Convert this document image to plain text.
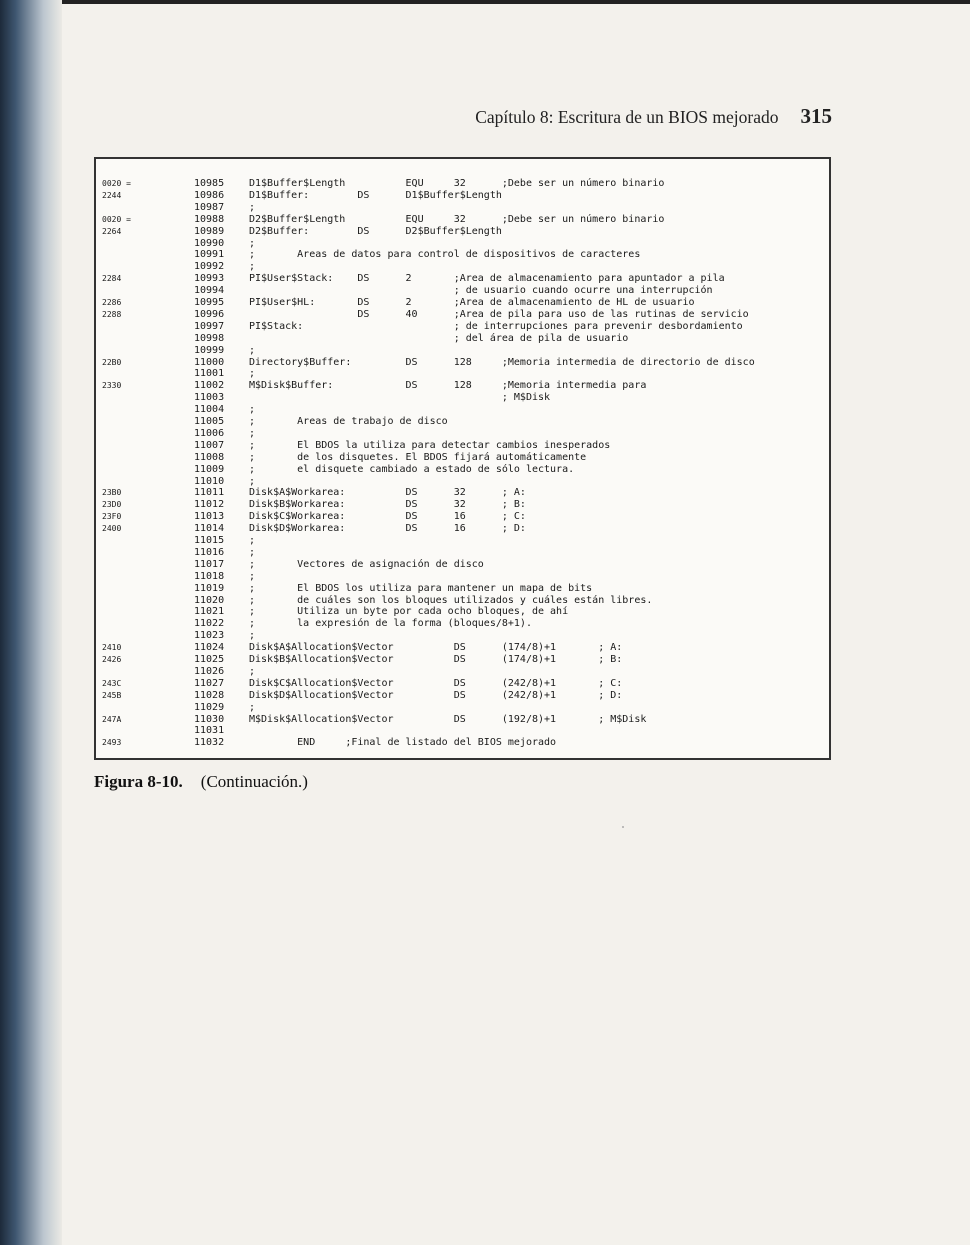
Capítulo 8: Escritura de un BIOS mejorado 315
0020 =	10985 D1$Buffer$Length          EQU     32      ;Debe ser un número binario
2244	10986 D1$Buffer:        DS      D1$Buffer$Length
10987 ;
0020 =	10988 D2$Buffer$Length          EQU     32      ;Debe ser un número binario
2264	10989 D2$Buffer:        DS      D2$Buffer$Length
10990 ;
10991 ;       Areas de datos para control de dispositivos de caracteres
10992 ;
2284	10993 PI$User$Stack:    DS      2       ;Area de almacenamiento para apuntador a pila
10994 ; de usuario cuando ocurre una interrupción
2286	10995 PI$User$HL:       DS      2       ;Area de almacenamiento de HL de usuario
2288	10996 DS      40      ;Area de pila para uso de las rutinas de servicio
10997 PI$Stack:                         ; de interrupciones para prevenir desbordamiento
10998 ; del área de pila de usuario
10999 ;
22B0	11000 Directory$Buffer:         DS      128     ;Memoria intermedia de directorio de disco
11001 ;
2330	11002 M$Disk$Buffer:            DS      128     ;Memoria intermedia para
11003 ; M$Disk
11004 ;
11005 ;       Areas de trabajo de disco
11006 ;
11007 ;       El BDOS la utiliza para detectar cambios inesperados
11008 ;       de los disquetes. El BDOS fijará automáticamente
11009 ;       el disquete cambiado a estado de sólo lectura.
11010 ;
23B0	11011 Disk$A$Workarea:          DS      32      ; A:
23D0	11012 Disk$B$Workarea:          DS      32      ; B:
23F0	11013 Disk$C$Workarea:          DS      16      ; C:
2400	11014 Disk$D$Workarea:          DS      16      ; D:
11015 ;
11016 ;
11017 ;       Vectores de asignación de disco
11018 ;
11019 ;       El BDOS los utiliza para mantener un mapa de bits
11020 ;       de cuáles son los bloques utilizados y cuáles están libres.
11021 ;       Utiliza un byte por cada ocho bloques, de ahí
11022 ;       la expresión de la forma (bloques/8+1).
11023 ;
2410	11024 Disk$A$Allocation$Vector          DS      (174/8)+1       ; A:
2426	11025 Disk$B$Allocation$Vector          DS      (174/8)+1       ; B:
11026 ;
243C	11027 Disk$C$Allocation$Vector          DS      (242/8)+1       ; C:
245B	11028 Disk$D$Allocation$Vector          DS      (242/8)+1       ; D:
11029 ;
247A	11030 M$Disk$Allocation$Vector          DS      (192/8)+1       ; M$Disk
11031
2493	11032 END     ;Final de listado del BIOS mejorado
Figura 8-10. (Continuación.)
